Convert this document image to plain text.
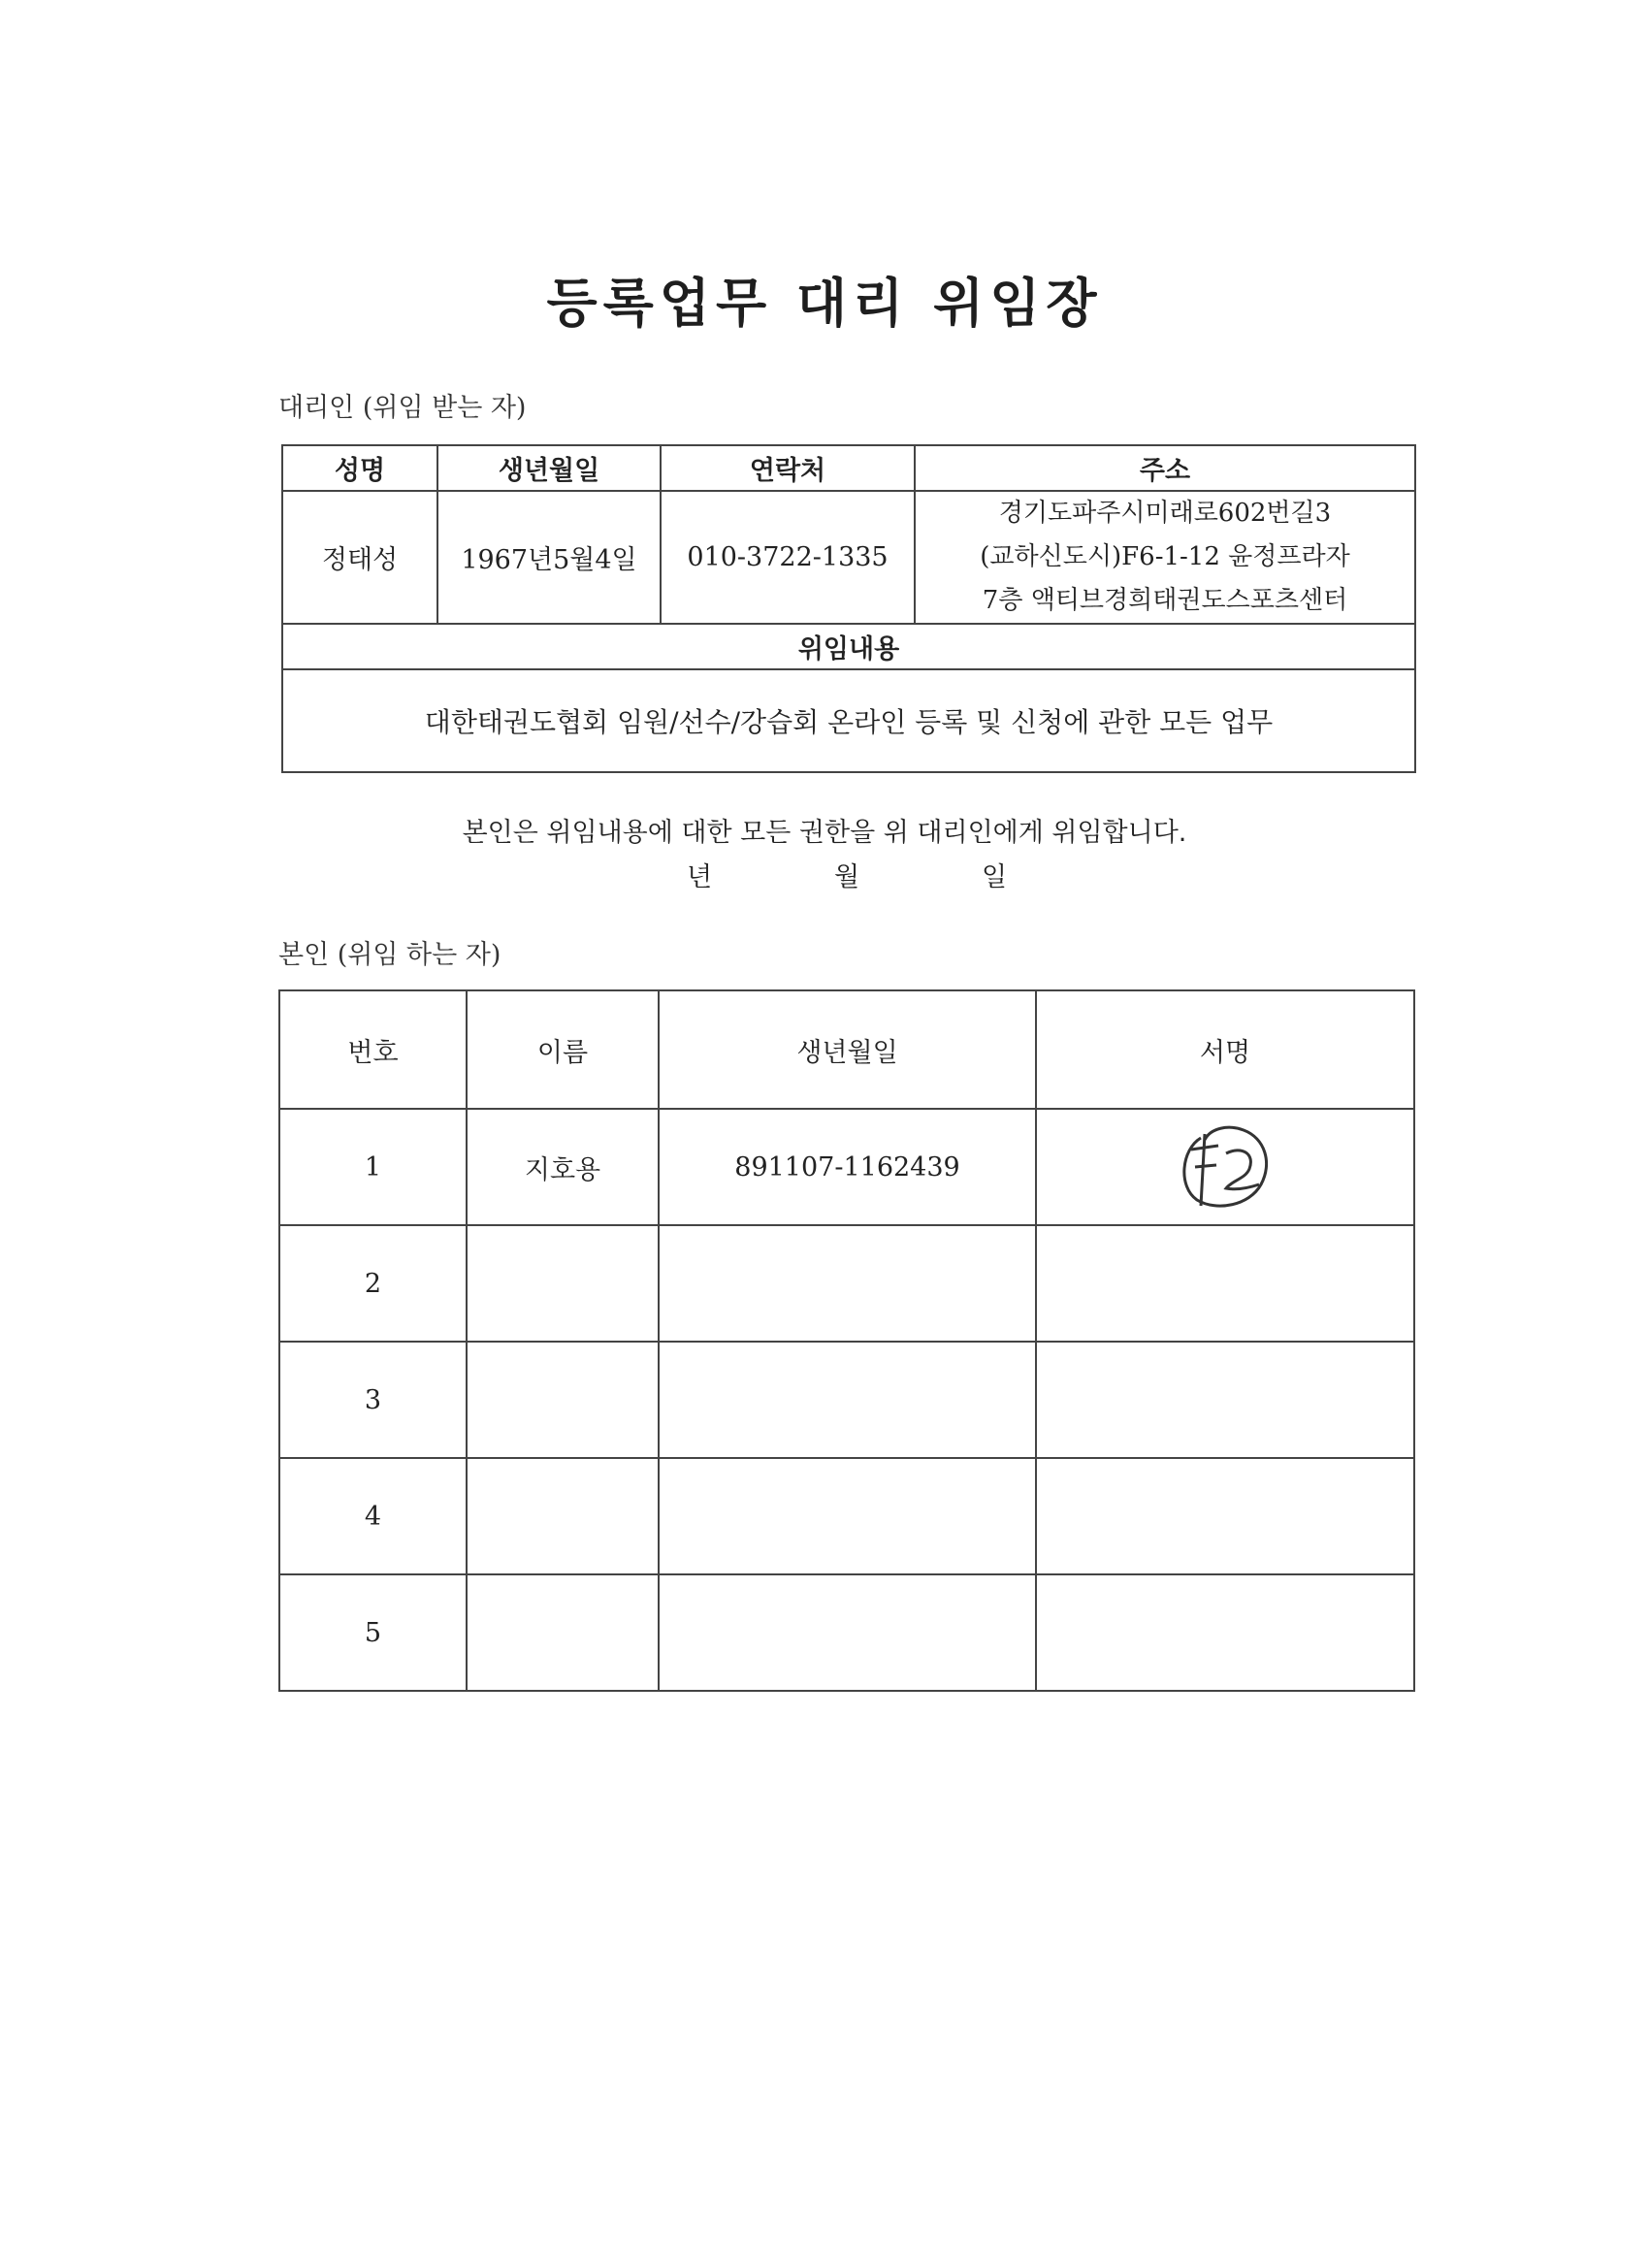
등록업무 대리 위임장
대리인 (위임 받는 자)
성명	생년월일	연락처	주소
정태성	1967년5월4일	010-3722-1335	경기도파주시미래로602번길3
(교하신도시)F6-1-12 윤정프라자
7층 액티브경희태권도스포츠센터

위임내용			
대한태권도협회 임원/선수/강습회 온라인 등록 및 신청에 관한 모든 업무			
본인은 위임내용에 대한 모든 권한을 위 대리인에게 위임합니다.
년	월	일
본인 (위임 하는 자)
번호	이름	생년월일	서명
1	지호용	891107-1162439	
2			
3			
4			
5			
